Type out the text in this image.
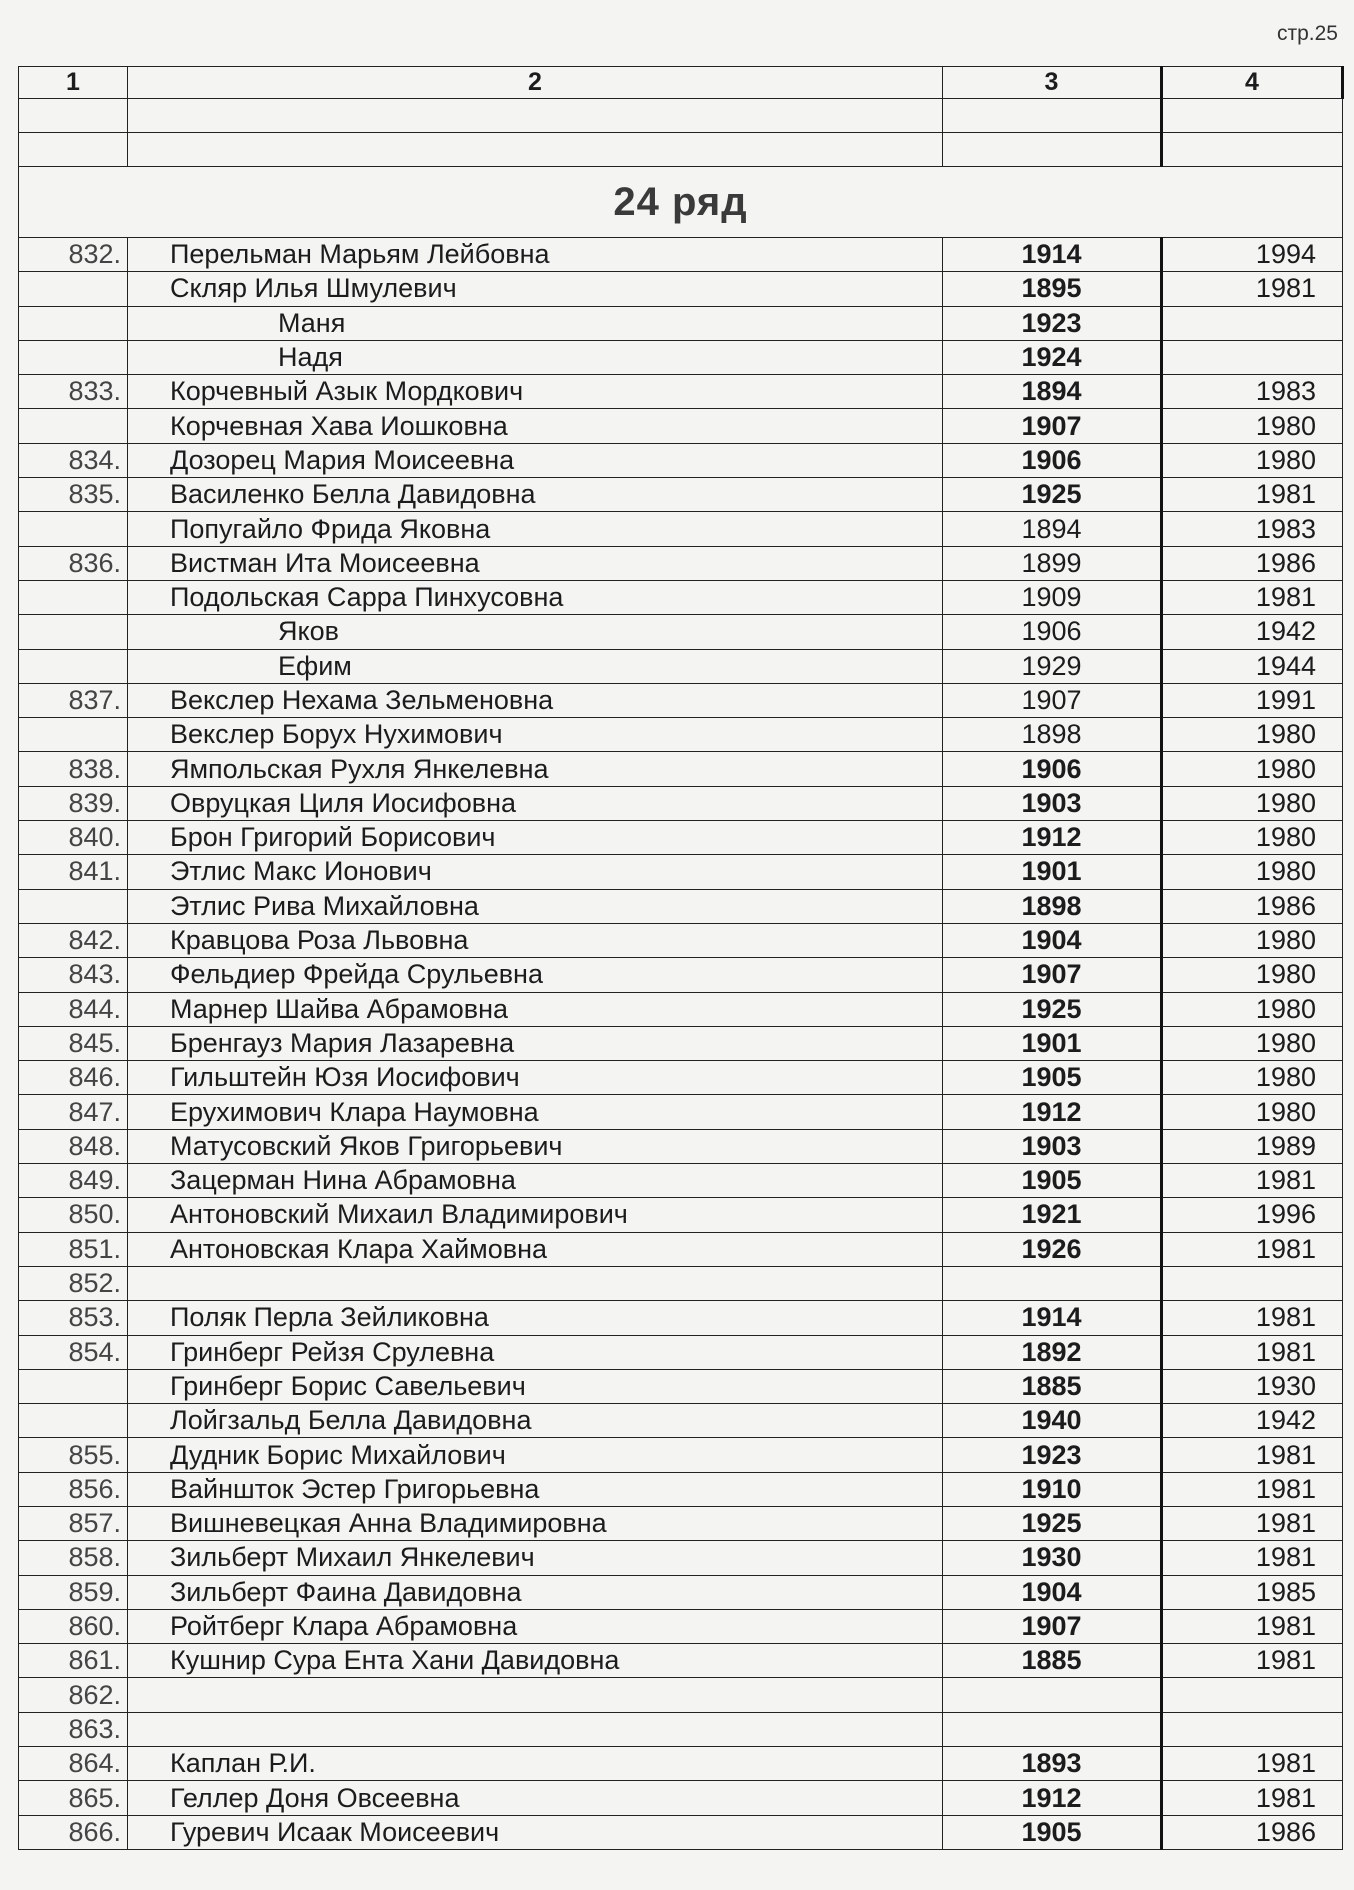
стр.25
1	2	3	4

24 ряд			
832.	Перельман Марьям Лейбовна	1914	1994
	Скляр Илья Шмулевич	1895	1981
	Маня	1923	
	Надя	1924	
833.	Корчевный Азык Мордкович	1894	1983
	Корчевная Хава Иошковна	1907	1980
834.	Дозорец Мария Моисеевна	1906	1980
835.	Василенко Белла Давидовна	1925	1981
	Попугайло Фрида Яковна	1894	1983
836.	Вистман Ита Моисеевна	1899	1986
	Подольская Сарра Пинхусовна	1909	1981
	Яков	1906	1942
	Ефим	1929	1944
837.	Векслер Нехама Зельменовна	1907	1991
	Векслер Борух Нухимович	1898	1980
838.	Ямпольская Рухля Янкелевна	1906	1980
839.	Овруцкая Циля Иосифовна	1903	1980
840.	Брон Григорий Борисович	1912	1980
841.	Этлис Макс Ионович	1901	1980
	Этлис Рива Михайловна	1898	1986
842.	Кравцова Роза Львовна	1904	1980
843.	Фельдиер Фрейда Срульевна	1907	1980
844.	Марнер Шайва Абрамовна	1925	1980
845.	Бренгауз Мария Лазаревна	1901	1980
846.	Гильштейн Юзя Иосифович	1905	1980
847.	Ерухимович Клара Наумовна	1912	1980
848.	Матусовский Яков Григорьевич	1903	1989
849.	Зацерман Нина Абрамовна	1905	1981
850.	Антоновский Михаил Владимирович	1921	1996
851.	Антоновская Клара Хаймовна	1926	1981
852.			
853.	Поляк Перла Зейликовна	1914	1981
854.	Гринберг Рейзя Срулевна	1892	1981
	Гринберг Борис Савельевич	1885	1930
	Лойгзальд Белла Давидовна	1940	1942
855.	Дудник Борис Михайлович	1923	1981
856.	Вайншток Эстер Григорьевна	1910	1981
857.	Вишневецкая Анна Владимировна	1925	1981
858.	Зильберт Михаил Янкелевич	1930	1981
859.	Зильберт Фаина Давидовна	1904	1985
860.	Ройтберг Клара Абрамовна	1907	1981
861.	Кушнир Сура Ента Хани Давидовна	1885	1981
862.			
863.			
864.	Каплан Р.И.	1893	1981
865.	Геллер Доня Овсеевна	1912	1981
866.	Гуревич Исаак Моисеевич	1905	1986
